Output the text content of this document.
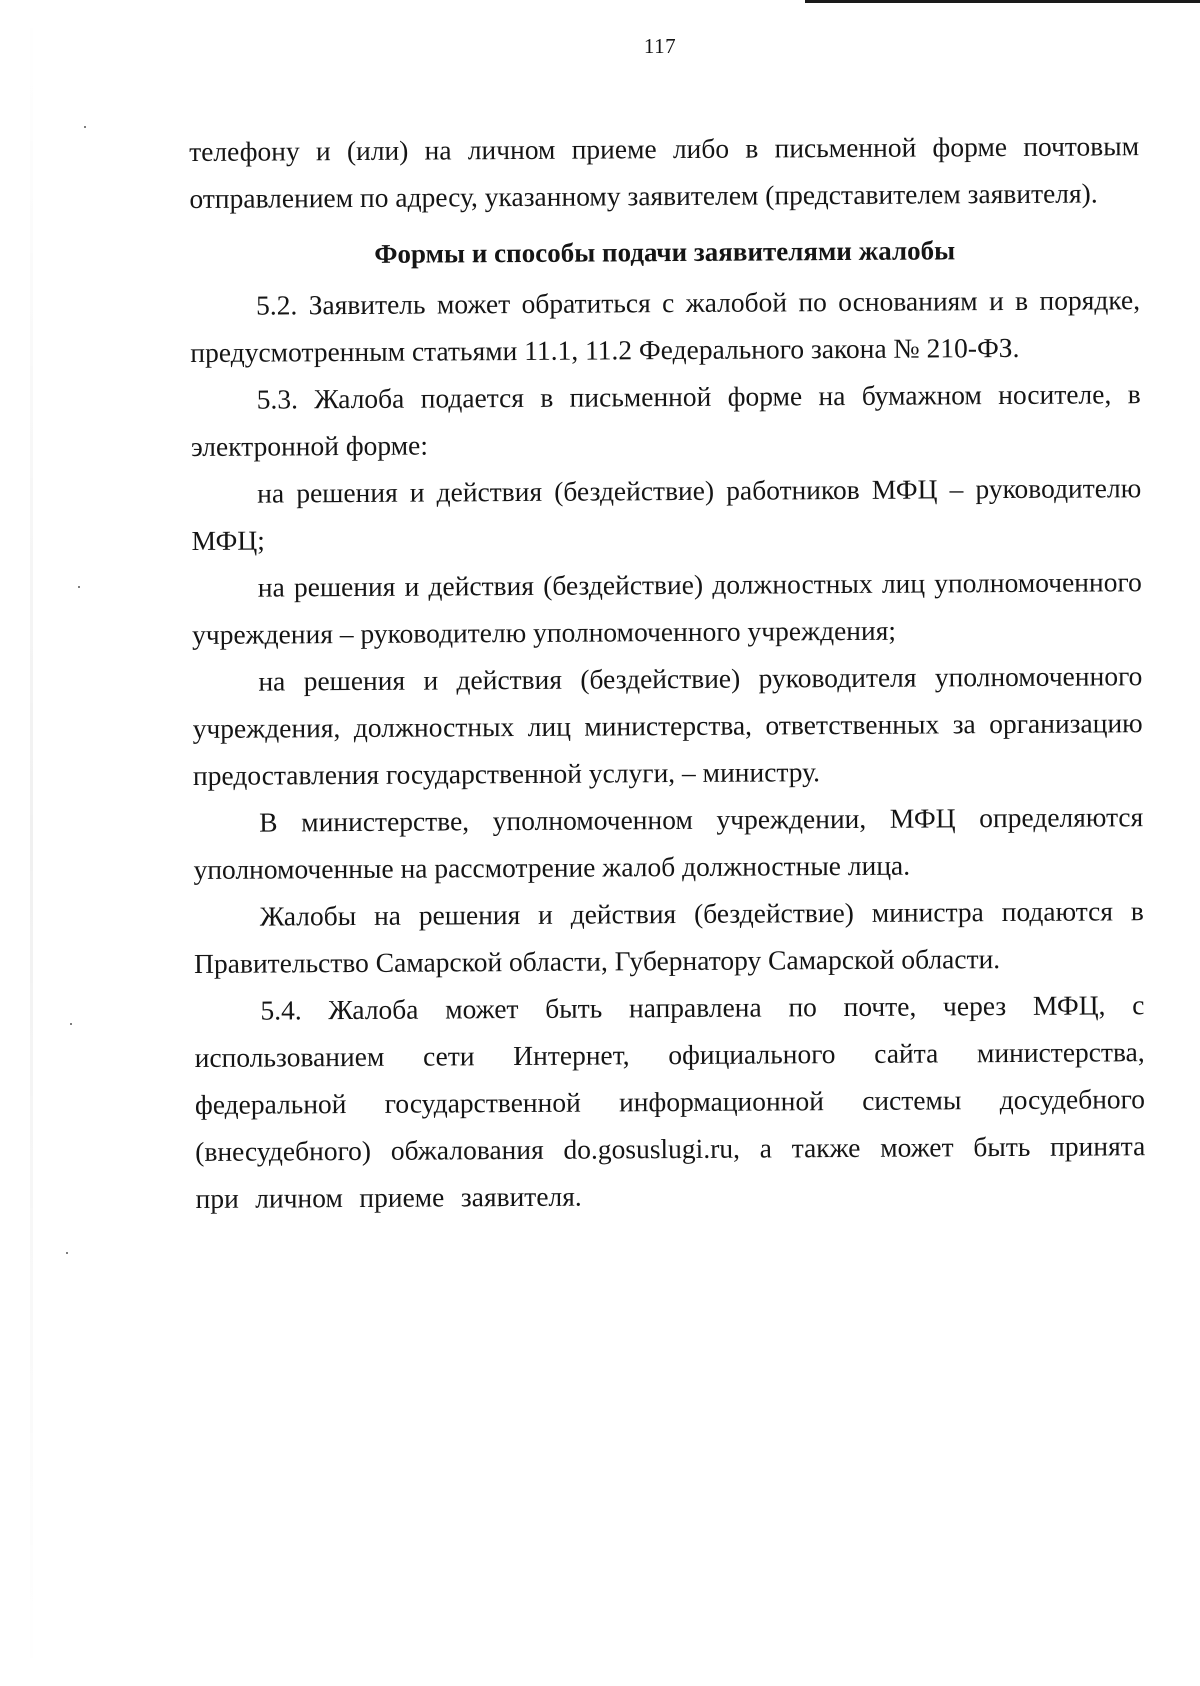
117

телефону и (или) на личном приеме либо в письменной форме почтовым отправлением по адресу, указанному заявителем (представителем заявителя).

Формы и способы подачи заявителями жалобы

5.2. Заявитель может обратиться с жалобой по основаниям и в порядке, предусмотренным статьями 11.1, 11.2 Федерального закона № 210-ФЗ.

5.3. Жалоба подается в письменной форме на бумажном носителе, в электронной форме:

на решения и действия (бездействие) работников МФЦ – руководителю МФЦ;

на решения и действия (бездействие) должностных лиц уполномоченного учреждения – руководителю уполномоченного учреждения;

на решения и действия (бездействие) руководителя уполномоченного учреждения, должностных лиц министерства, ответственных за организацию предоставления государственной услуги, – министру.

В министерстве, уполномоченном учреждении, МФЦ определяются уполномоченные на рассмотрение жалоб должностные лица.

Жалобы на решения и действия (бездействие) министра подаются в Правительство Самарской области, Губернатору Самарской области.

5.4. Жалоба может быть направлена по почте, через МФЦ, с использованием сети Интернет, официального сайта министерства, федеральной государственной информационной системы досудебного (внесудебного) обжалования do.gosuslugi.ru, а также может быть принята при личном приеме заявителя.
